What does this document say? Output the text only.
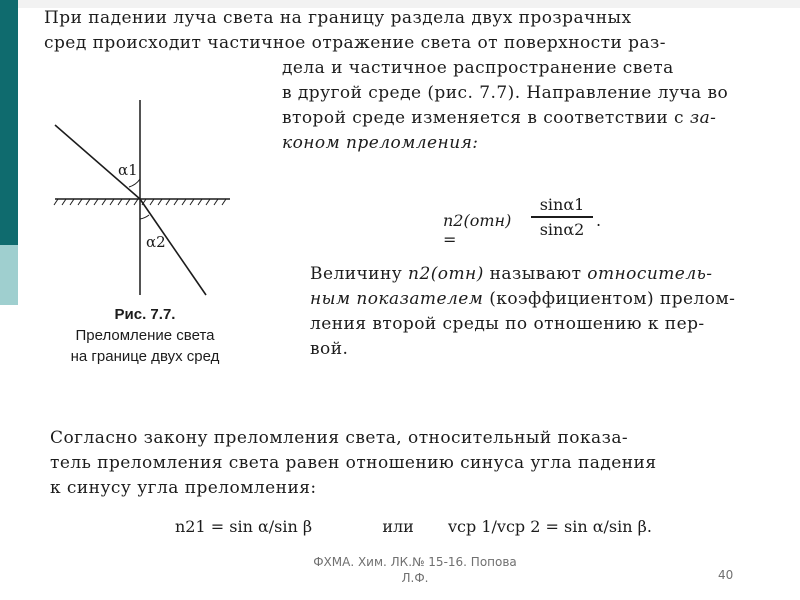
При падении луча света на границу раздела двух прозрачных
сред происходит частичное отражение света от поверхности раз-
дела и частичное распространение света
в другой среде (рис. 7.7). Направление луча во
второй среде изменяется в соответствии с за-
коном преломления:
α1
α2
Рис. 7.7.
Преломление света
на границе двух сред
n2(отн) =
sinα1
sinα2 .
Величину n2(отн) называют относитель-
ным показателем (коэффициентом) прелом-
ления второй среды по отношению к пер-
вой.
Согласно закону преломления света, относительный показа-
тель преломления света равен отношению синуса угла падения
к синусу угла преломления:
n21 = sin α/sin β	или vср 1/vср 2 = sin α/sin β.
ФХМА. Хим. ЛК.№ 15-16. Попова Л.Ф.	40
